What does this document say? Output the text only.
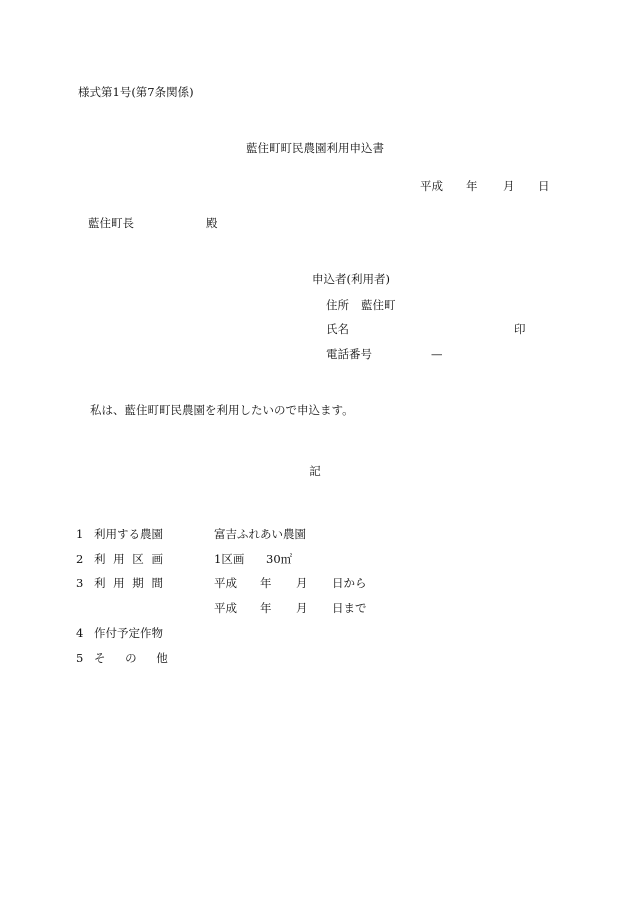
様式第1号(第7条関係)
藍住町町民農園利用申込書
平成 年 月 日
藍住町長	殿
申込者(利用者)
住所 藍住町
氏名	印
電話番号	—
私は、藍住町町民農園を利用したいので申込ます。
記
1 利用する農園	富吉ふれあい農園
2 利 用 区 画	1区画 30㎡
3 利 用 期 間	平成 年 月 日から
平成 年 月 日まで
4 作付予定作物
5 そ の 他
